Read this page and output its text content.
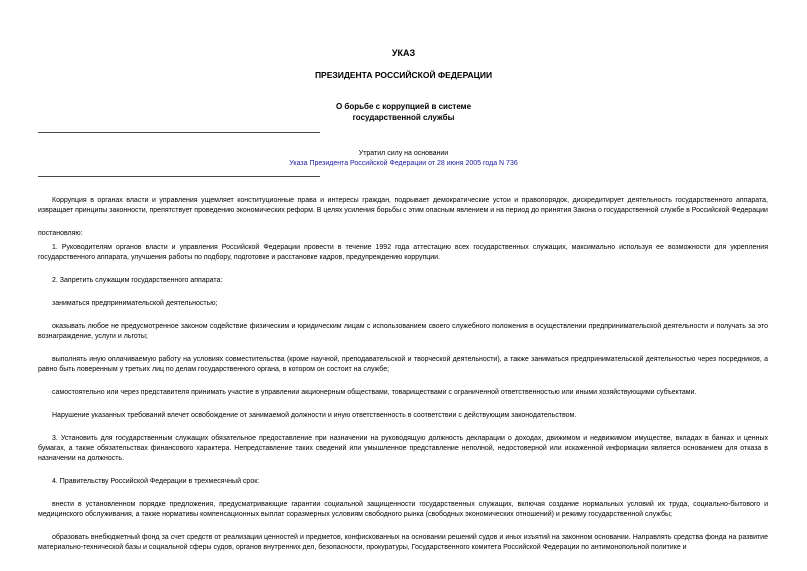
УКАЗ
ПРЕЗИДЕНТА РОССИЙСКОЙ ФЕДЕРАЦИИ
О борьбе с коррупцией в системе
государственной службы
Утратил силу на основании
Указа Президента Российской Федерации от 28 июня 2005 года N 736

Коррупция в органах власти и управления ущемляет конституционные права и интересы граждан, подрывает демократические устои и правопорядок, дискредитирует деятельность государственного аппарата, извращает принципы законности, препятствует проведению экономических реформ. В целях усиления борьбы с этим опасным явлением и на период до принятия Закона о государственной службе в Российской Федерации

постановляю:

1. Руководителям органов власти и управления Российской Федерации провести в течение 1992 года аттестацию всех государственных служащих, максимально используя ее возможности для укрепления государственного аппарата, улучшения работы по подбору, подготовке и расстановке кадров, предупреждению коррупции.

2. Запретить служащим государственного аппарата:

заниматься предпринимательской деятельностью;

оказывать любое не предусмотренное законом содействие физическим и юридическим лицам с использованием своего служебного положения в осуществлении предпринимательской деятельности и получать за это вознаграждение, услуги и льготы;

выполнять иную оплачиваемую работу на условиях совместительства (кроме научной, преподавательской и творческой деятельности), а также заниматься предпринимательской деятельностью через посредников, а равно быть поверенным у третьих лиц по делам государственного органа, в котором он состоит на службе;

самостоятельно или через представителя принимать участие в управлении акционерным обществами, товариществами с ограниченной ответственностью или иными хозяйствующими субъектами.

Нарушение указанных требований влечет освобождение от занимаемой должности и иную ответственность в соответствии с действующим законодательством.

3. Установить для государственным служащих обязательное предоставление при назначении на руководящую должность декларации о доходах, движимом и недвижимом имуществе, вкладах в банках и ценных бумагах, а также обязательствах финансового характера. Непредставление таких сведений или умышленное представление неполной, недостоверной или искаженной информации является основанием для отказа в назначении на должность.

4. Правительству Российской Федерации в трехмесячный срок:

внести в установленном порядке предложения, предусматривающие гарантии социальной защищенности государственных служащих, включая создание нормальных условий их труда, социально-бытового и медицинского обслуживания, а также нормативы компенсационных выплат соразмерных условиям свободного рынка (свободных экономических отношений) и режиму государственной службы;

образовать внебюджетный фонд за счет средств от реализации ценностей и предметов, конфискованных на основании решений судов и иных изъятий на законном основании. Направлять средства фонда на развитие материально-технической базы и социальной сферы судов, органов внутренних дел, безопасности, прокуратуры, Государственного комитета Российской Федерации по антимонопольной политике и
